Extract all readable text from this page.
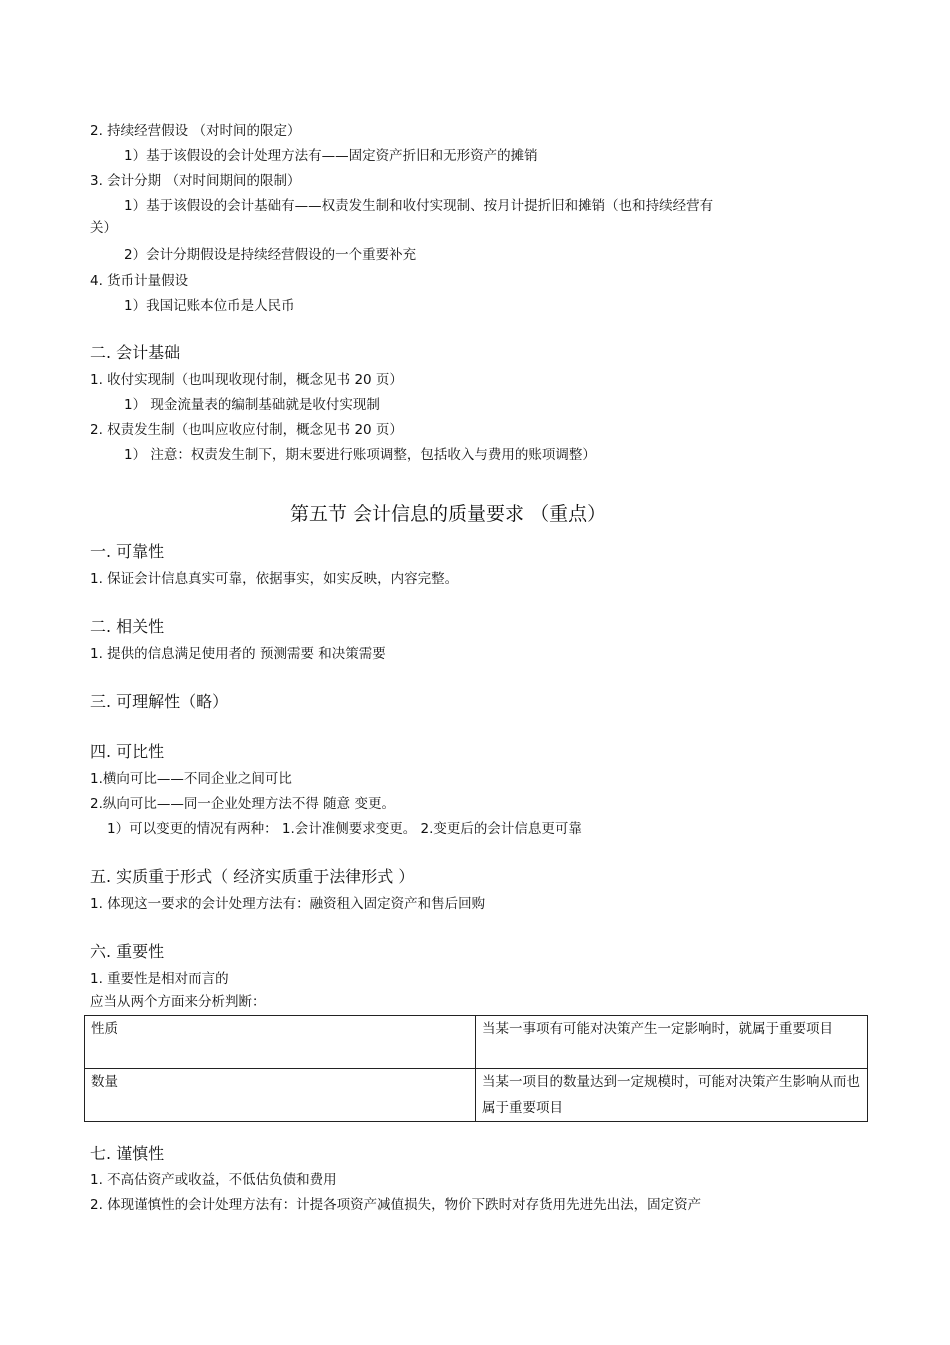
2. 持续经营假设 （对时间的限定）
1）基于该假设的会计处理方法有——固定资产折旧和无形资产的摊销
3. 会计分期 （对时间期间的限制）
1）基于该假设的会计基础有——权责发生制和收付实现制、按月计提折旧和摊销（也和持续经营有
关）
2）会计分期假设是持续经营假设的一个重要补充
4. 货币计量假设
1）我国记账本位币是人民币
二. 会计基础
1. 收付实现制（也叫现收现付制，概念见书 20 页）
1） 现金流量表的编制基础就是收付实现制
2. 权责发生制（也叫应收应付制，概念见书 20 页）
1） 注意：权责发生制下，期末要进行账项调整，包括收入与费用的账项调整）
第五节 会计信息的质量要求 （重点）
一. 可靠性
1. 保证会计信息真实可靠，依据事实，如实反映，内容完整。
二. 相关性
1. 提供的信息满足使用者的 预测需要 和决策需要
三. 可理解性（略）
四. 可比性
1.横向可比——不同企业之间可比
2.纵向可比——同一企业处理方法不得 随意 变更。
1）可以变更的情况有两种： 1.会计准侧要求变更。 2.变更后的会计信息更可靠
五. 实质重于形式（ 经济实质重于法律形式 ）
1. 体现这一要求的会计处理方法有：融资租入固定资产和售后回购
六. 重要性
1. 重要性是相对而言的
应当从两个方面来分析判断：
性质	当某一事项有可能对决策产生一定影响时，就属于重要项目
数量	当某一项目的数量达到一定规模时，可能对决策产生影响从而也属于重要项目
七. 谨慎性
1. 不高估资产或收益，不低估负债和费用
2. 体现谨慎性的会计处理方法有：计提各项资产减值损失，物价下跌时对存货用先进先出法，固定资产
